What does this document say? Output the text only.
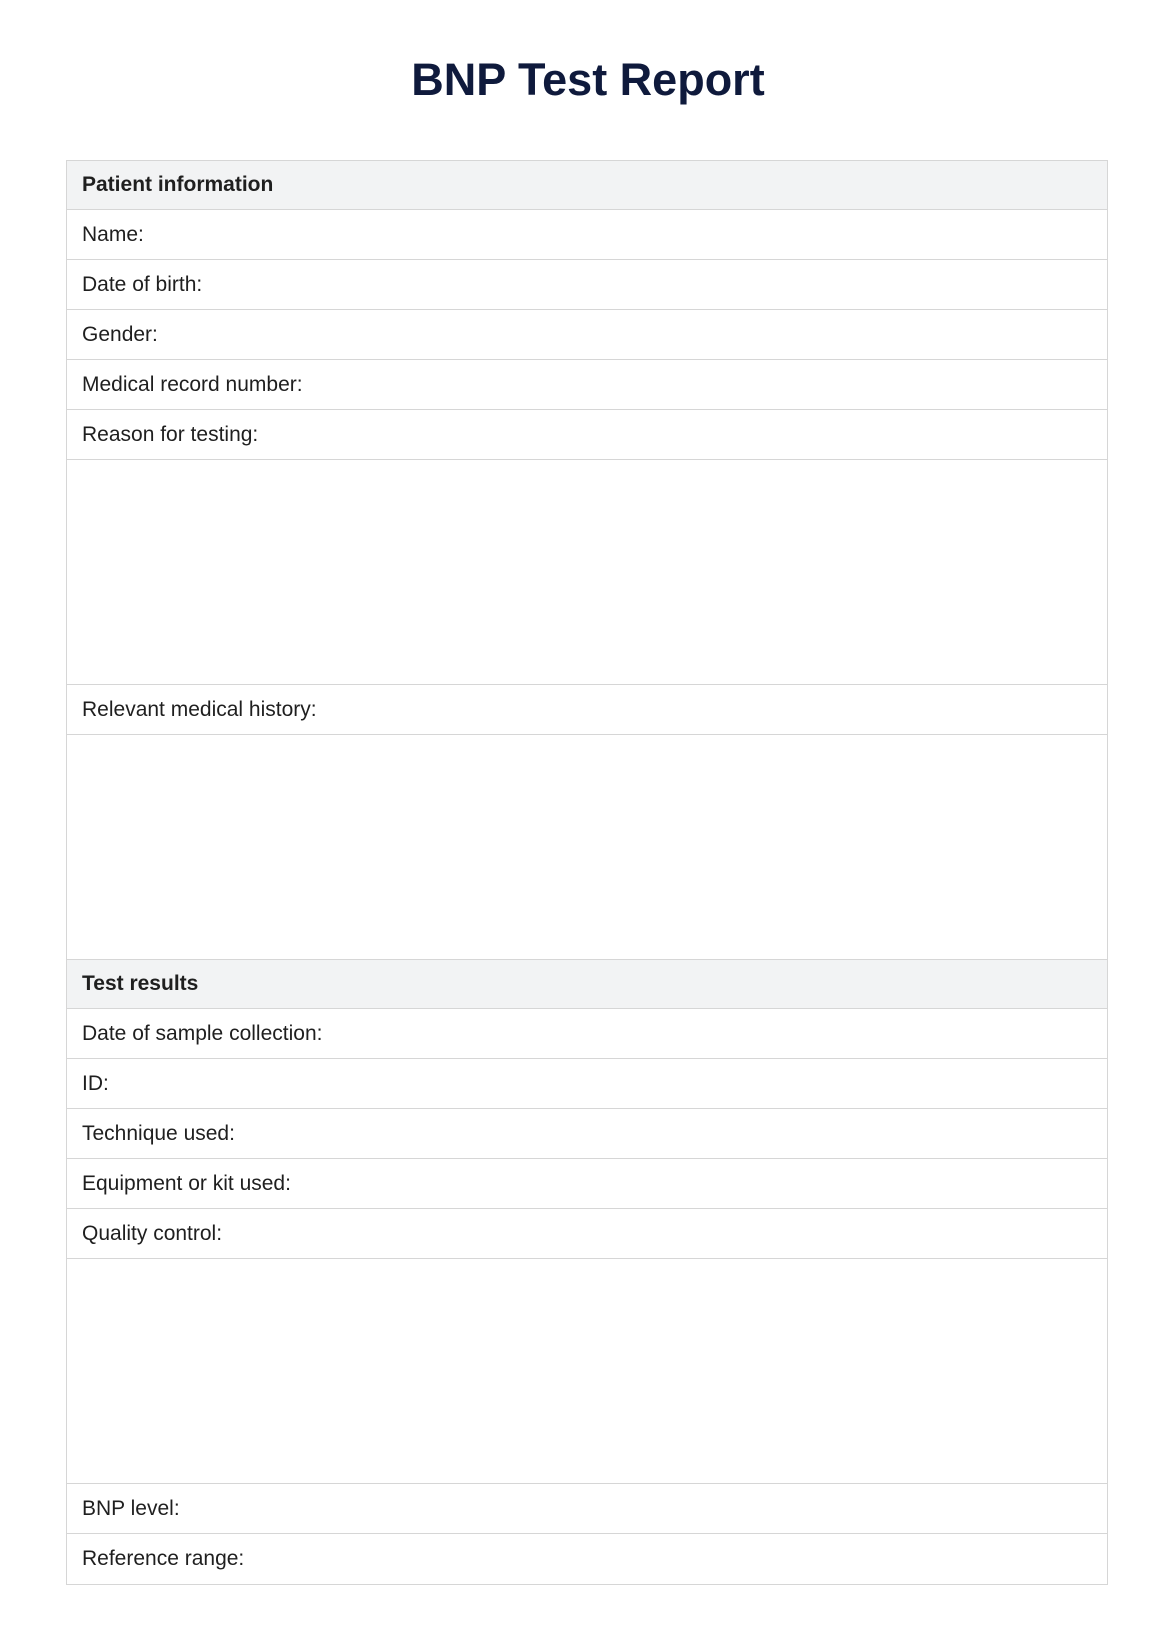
BNP Test Report
Patient information
Name:
Date of birth:
Gender:
Medical record number:
Reason for testing:
Relevant medical history:
Test results
Date of sample collection:
ID:
Technique used:
Equipment or kit used:
Quality control:
BNP level:
Reference range:
